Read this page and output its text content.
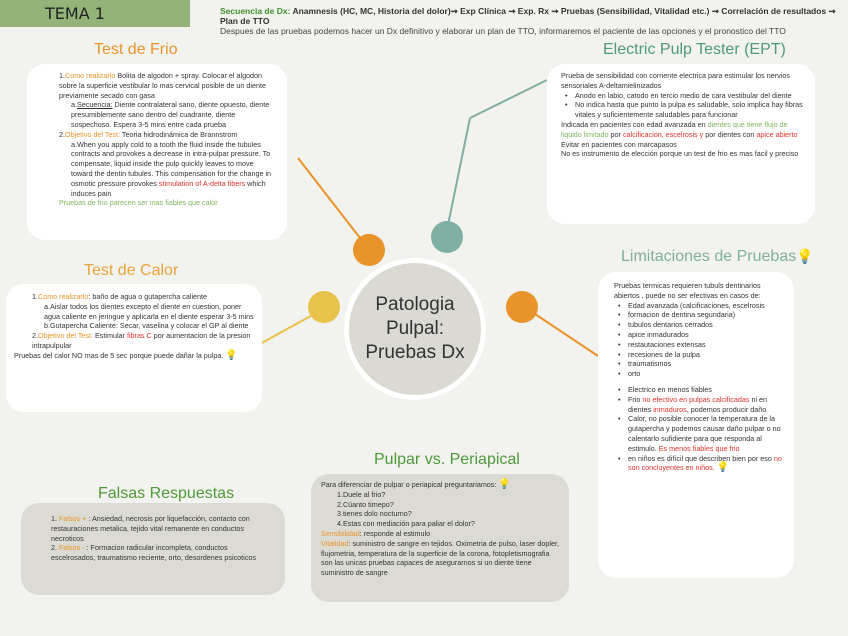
TEMA 1	Secuencia de Dx: Anamnesis (HC, MC, Historia del dolor)⇝ Exp Clínica ⇝ Exp. Rx ⇝ Pruebas (Sensibilidad, Vitalidad etc.) ⇝ Correlación de resultados ⇝ Plan de TTO
Despues de las pruebas podemos hacer un Dx definitivo y elaborar un plan de TTO, informaremos el paciente de las opciones y el pronostico del TTO
Patologia Pulpal:
Pruebas Dx
Test de Frio

1.Como realizarlo Bolita de algodon + spray. Colocar el algodon sobre la superficie vestibular lo mas cervical posible de un diente previamente secado con gasa

a.Secuencia: Diente contralateral sano, diente opuesto, diente presumiblemente sano dentro del cuadrante, diente sospechoso. Espera 3-5 mins entre cada prueba

2.Objetivo del Test: Teoria hidrodinámica de Brannstrom

a.When you apply cold to a tooth the fluid inside the tubules contracts and provokes a decrease in intra-pulpar pressure. To compensate, liquid inside the pulp quickly leaves to move toward the dentin tubules. This compensation for the change in osmotic pressure provokes stimulation of A-delta fibers which induces pain

Pruebas de frio parecen ser mas fiables que calor

Test de Calor

1.Como realizarlo: baño de agua o gutapercha caliente

a.Aislar todos los dientes excepto el diente en cuestion, poner agua caliente en jeringue y aplicarla en el diente esperar 3-5 mins

b.Gutapercha Caliente: Secar, vaselina y colocar el GP al diente

2.Objetivo del Test: Estimular fibras C por aumentacion de la presion intrapulpular

Pruebas del calor NO mas de 5 sec porque puede dañar la pulpa. 💡

Electric Pulp Tester (EPT)

Prueba de sensibilidad con corriente electrica para estimular los nervios sensoriales A-deltamielinizados

• Anodo en labio, catodo en tercio medio de cara vestibular del diente

• No indica hasta que punto la pulpa es saludable, solo implica hay fibras vitales y suficientemente saludables para funcionar

Indicada en pacientes con edad avanzada en dientes que tiene flujo de liquido limitado por calcificacion, escelrosis y por dientes con apice abierto

Evitar en pacientes con marcapasos

No es instrumento de elección porque un test de frio es mas facil y preciso

Limitaciones de Pruebas💡

Pruebas termicas requieren tubuls dentinarios abiertos , puede no ser efectivas en casos de:

• Edad avanzada (calcificaciones, escelrosis

• formacion de dentina segundaria)

• tubulos dentarios cerrados

• apice inmadurados

• restautaciones extensas

• recesiones de la pulpa

• traumatismos

• orto

• Electrico en menos fiables

• Frio no efectivo en pulpas calcificadas ni en dientes inmaduros, podemos producir daño

• Calor, no posible conocer la temperatura de la gutapercha y podemos causar daño pulpar o no calentarlo sufidiente para que responda al estimulo. Es menos fiables que frio

• en niños es difícil que describen bien por eso no son concluyentes en niños. 💡

Pulpar vs. Periapical

Para diferenciar de pulpar o periapical preguntariamos: 💡

1.Duele al frio?

2.Cúanto timepo?

3.tienes dolo nocturno?

4.Estas con mediación para paliar el dolor?

Sensibilidad: responde al estimulo

Vitalidad: suministro de sangre en tejidos. Oximetria de pulso, laser dopler, flujometria, temperatura de la superficie de la corona, fotopletismografia son las unicas pruebas capaces de asegurarnos si un diente tiene suministro de sangre

Falsas Respuestas

1. Falsos + : Ansiedad, necrosis por liquefacción, contacto con restauraciones metalica, tejido vital remanente en conductos necroticos

2. Falsos - : Formacion radicular incompleta, conductos escelrosados, traumatismo reciente, orto, desordenes psicoticos
